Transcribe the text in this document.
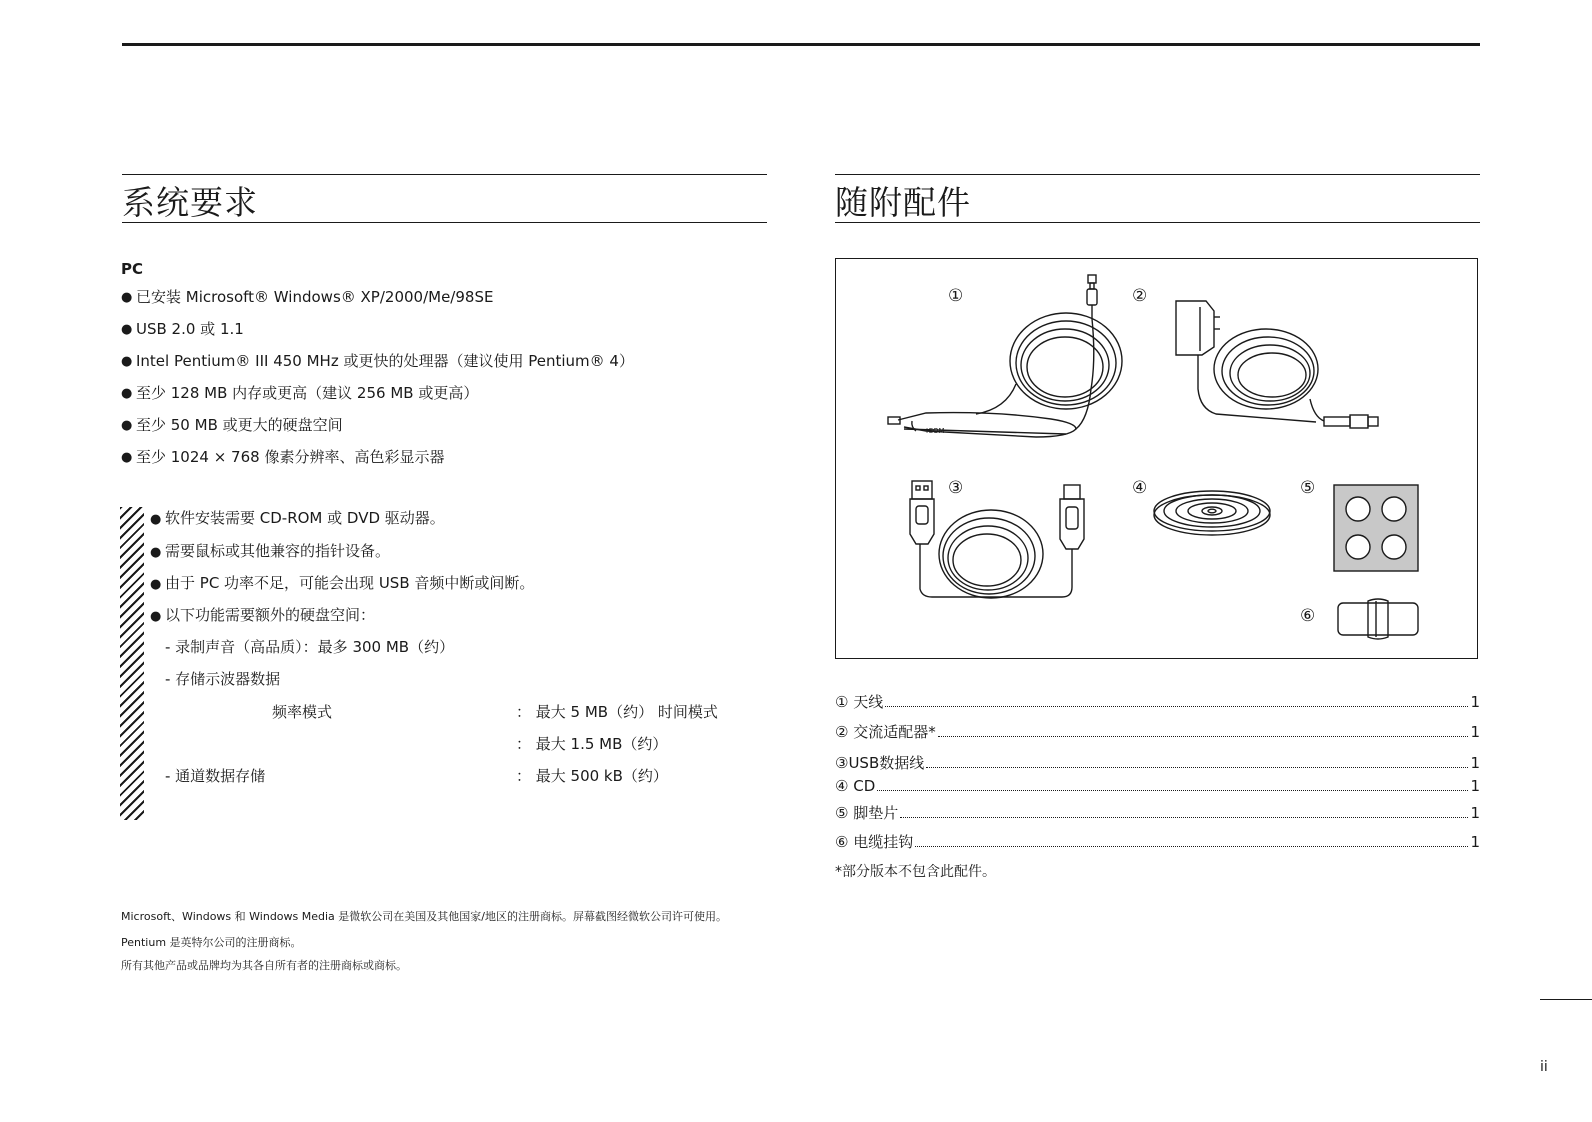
系统要求
PC
● 已安装 Microsoft® Windows® XP/2000/Me/98SE
● USB 2.0 或 1.1
● Intel Pentium® III 450 MHz 或更快的处理器（建议使用 Pentium® 4）
● 至少 128 MB 内存或更高（建议 256 MB 或更高）
● 至少 50 MB 或更大的硬盘空间
● 至少 1024 × 768 像素分辨率、高色彩显示器
● 软件安装需要 CD-ROM 或 DVD 驱动器。
● 需要鼠标或其他兼容的指针设备。
● 由于 PC 功率不足，可能会出现 USB 音频中断或间断。
● 以下功能需要额外的硬盘空间：
- 录制声音（高品质）：最多 300 MB（约）
- 存储示波器数据
频率模式	： 最大 5 MB（约） 时间模式
： 最大 1.5 MB（约）
- 通道数据存储	： 最大 500 kB（约）
Microsoft、Windows 和 Windows Media 是微软公司在美国及其他国家/地区的注册商标。屏幕截图经微软公司许可使用。
Pentium 是英特尔公司的注册商标。
所有其他产品或品牌均为其各自所有者的注册商标或商标。
随附配件
①	②
③	④	⑤
⑥
ICOM
① 天线	1
② 交流适配器*	1
③USB数据线	1
④ CD	1
⑤ 脚垫片	1
⑥ 电缆挂钩	1
*部分版本不包含此配件。
ii
